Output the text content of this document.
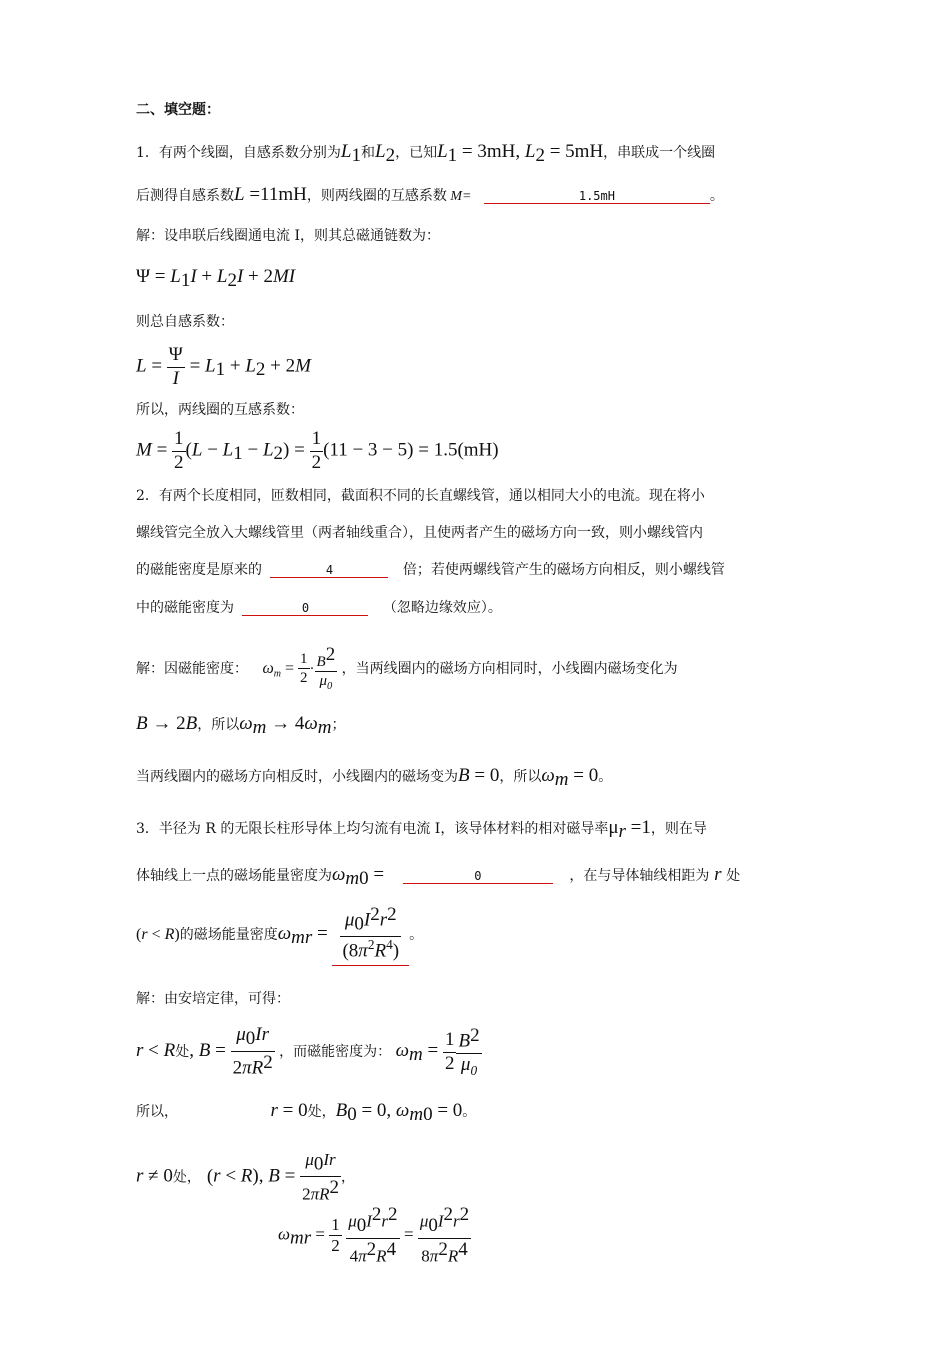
二、填空题：
1．有两个线圈，自感系数分别为$L_1$和$L_2$，已知$L_1 = 3mH$, $L_2 = 5mH$，串联成一个线圈
后测得自感系数L =11mH，则两线圈的互感系数 M=	1.5mH	。
解：设串联后线圈通电流 I，则其总磁通链数为：
$\Psi = L_1I + L_2I + 2MI$
则总自感系数：
$L = \frac{\Psi}{I} = L_1 + L_2 + 2M$
所以，两线圈的互感系数：
$M = \frac{1}{2} (L - L_1 - L_2) = \frac{1}{2} (11 - 3 - 5) = 1.5(mH)$
2．有两个长度相同，匝数相同，截面积不同的长直螺线管，通以相同大小的电流。现在将小
螺线管完全放入大螺线管里（两者轴线重合），且使两者产生的磁场方向一致，则小螺线管内
的磁能密度是原来的	4	倍；若使两螺线管产生的磁场方向相反，则小螺线管
中的磁能密度为	0	（忽略边缘效应）。
解：因磁能密度： $\omega_m = \frac{1}{2} \cdot \frac{B^2}{\mu_0}$ ，当两线圈内的磁场方向相同时，小线圈内磁场变化为
B → 2B，所以$\omega_m \to 4\omega_m$；
当两线圈内的磁场方向相反时，小线圈内的磁场变为B = 0，所以$\omega_m = 0$。
3．半径为 R 的无限长柱形导体上均匀流有电流 I，该导体材料的相对磁导率$\mu_r =1$，则在导
体轴线上一点的磁场能量密度为$\omega_{m0}$ =	0	，在与导体轴线相距为 r 处
(r < R)的磁场能量密度$\omega_{mr} = \frac{\mu_0I^2r^2}{(8\pi^2R^4)}$ 。
解：由安培定律，可得：
r < R处, $B = \frac{\mu_0Ir}{2\pi R^2}$ ，而磁能密度为： $\omega_m = \frac{1}{2} \frac{B^2}{\mu_0}$
所以，	r = 0处，$B_0 = 0$, $\omega_{m0} = 0$。
r ≠ 0处， (r < R), $B = \frac{\mu_0Ir}{2\pi R^2}$ ，
$\omega_{mr} = \frac{1}{2}$
$\frac{\mu_0I^2r^2}{4\pi^2R^4} = \frac{\mu_0I^2r^2}{8\pi^2R^4}$
